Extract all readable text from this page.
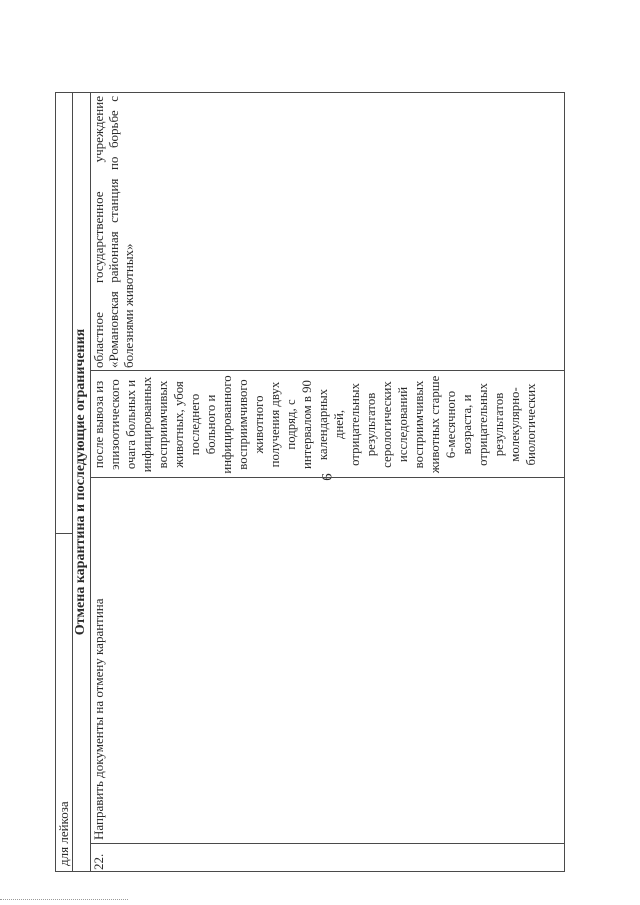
9
для лейкоза
Отмена карантина и последующие ограничения
22.
Направить документы на отмену карантина
после вывоза из эпизоотического очага больных и инфицированных восприимчивых животных, убоя последнего больного и инфицированного восприимчивого животного получения двух подряд, с интервалом в 90 календарных дней, отрицательных результатов серологических исследований восприимчивых животных старше 6-месячного возраста, и отрицательных результатов молекулярно- биологических
областное государственное учреждение «Романовская районная станция по борьбе с болезнями животных»
